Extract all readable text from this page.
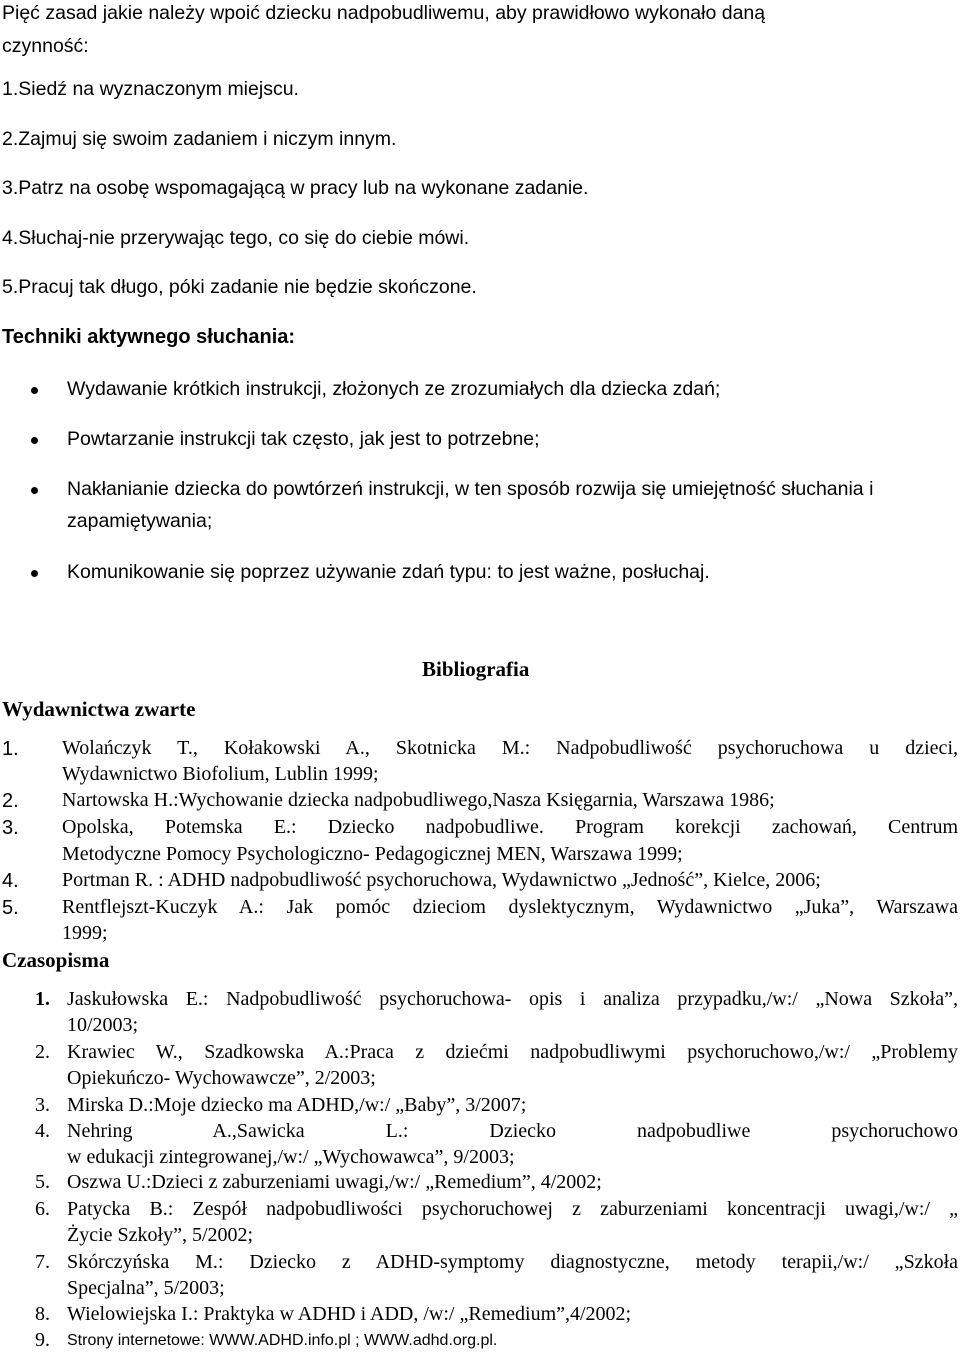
Pięć zasad jakie należy wpoić dziecku nadpobudliwemu, aby prawidłowo wykonało daną
czynność:
1.Siedź na wyznaczonym miejscu.
2.Zajmuj się swoim zadaniem i niczym innym.
3.Patrz na osobę wspomagającą w pracy lub na wykonane zadanie.
4.Słuchaj-nie przerywając tego, co się do ciebie mówi.
5.Pracuj tak długo, póki zadanie nie będzie skończone.
Techniki aktywnego słuchania:
Wydawanie krótkich instrukcji, złożonych ze zrozumiałych dla dziecka zdań;
Powtarzanie instrukcji tak często, jak jest to potrzebne;
Nakłanianie dziecka do powtórzeń instrukcji, w ten sposób rozwija się umiejętność słuchania i
zapamiętywania;
Komunikowanie się poprzez używanie zdań typu: to jest ważne, posłuchaj.
Bibliografia
Wydawnictwa zwarte
1. Wolańczyk T., Kołakowski A., Skotnicka M.: Nadpobudliwość psychoruchowa u dzieci,
Wydawnictwo Biofolium, Lublin 1999;
2. Nartowska H.:Wychowanie dziecka nadpobudliwego,Nasza Księgarnia, Warszawa 1986;
3. Opolska, Potemska E.: Dziecko nadpobudliwe. Program korekcji zachowań, Centrum
Metodyczne Pomocy Psychologiczno- Pedagogicznej MEN, Warszawa 1999;
4. Portman R. : ADHD nadpobudliwość psychoruchowa, Wydawnictwo „Jedność”, Kielce, 2006;
5. Rentflejszt-Kuczyk A.: Jak pomóc dzieciom dyslektycznym, Wydawnictwo „Juka”, Warszawa
1999;
Czasopisma
1. Jaskułowska E.: Nadpobudliwość psychoruchowa- opis i analiza przypadku,/w:/ „Nowa Szkoła”,
10/2003;
2. Krawiec W., Szadkowska A.:Praca z dziećmi nadpobudliwymi psychoruchowo,/w:/ „Problemy
Opiekuńczo- Wychowawcze”, 2/2003;
3. Mirska D.:Moje dziecko ma ADHD,/w:/ „Baby”, 3/2007;
4. Nehring A.,Sawicka L.: Dziecko nadpobudliwe psychoruchowo
w edukacji zintegrowanej,/w:/ „Wychowawca”, 9/2003;
5. Oszwa U.:Dzieci z zaburzeniami uwagi,/w:/ „Remedium”, 4/2002;
6. Patycka B.: Zespół nadpobudliwości psychoruchowej z zaburzeniami koncentracji uwagi,/w:/ „
Życie Szkoły”, 5/2002;
7. Skórczyńska M.: Dziecko z ADHD-symptomy diagnostyczne, metody terapii,/w:/ „Szkoła
Specjalna”, 5/2003;
8. Wielowiejska I.: Praktyka w ADHD i ADD, /w:/ „Remedium”,4/2002;
9. Strony internetowe: WWW.ADHD.info.pl ; WWW.adhd.org.pl.
